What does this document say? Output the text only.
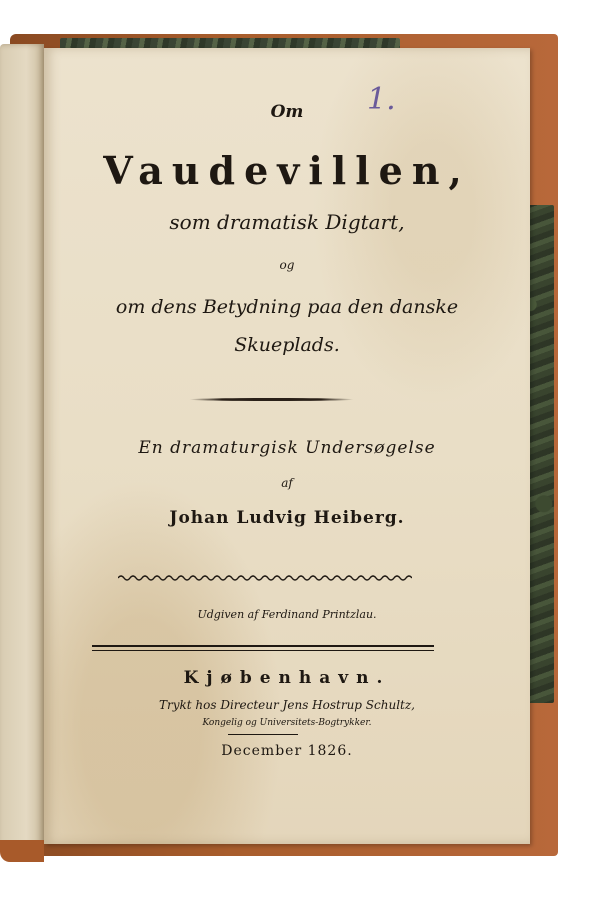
1.
Om
Vaudevillen,
som dramatisk Digtart,
og
om dens Betydning paa den danske
Skueplads.
En dramaturgisk Undersøgelse
af
Johan Ludvig Heiberg.
Udgiven af Ferdinand Printzlau.
Kjøbenhavn.
Trykt hos Directeur Jens Hostrup Schultz,
Kongelig og Universitets-Bogtrykker.
December 1826.
